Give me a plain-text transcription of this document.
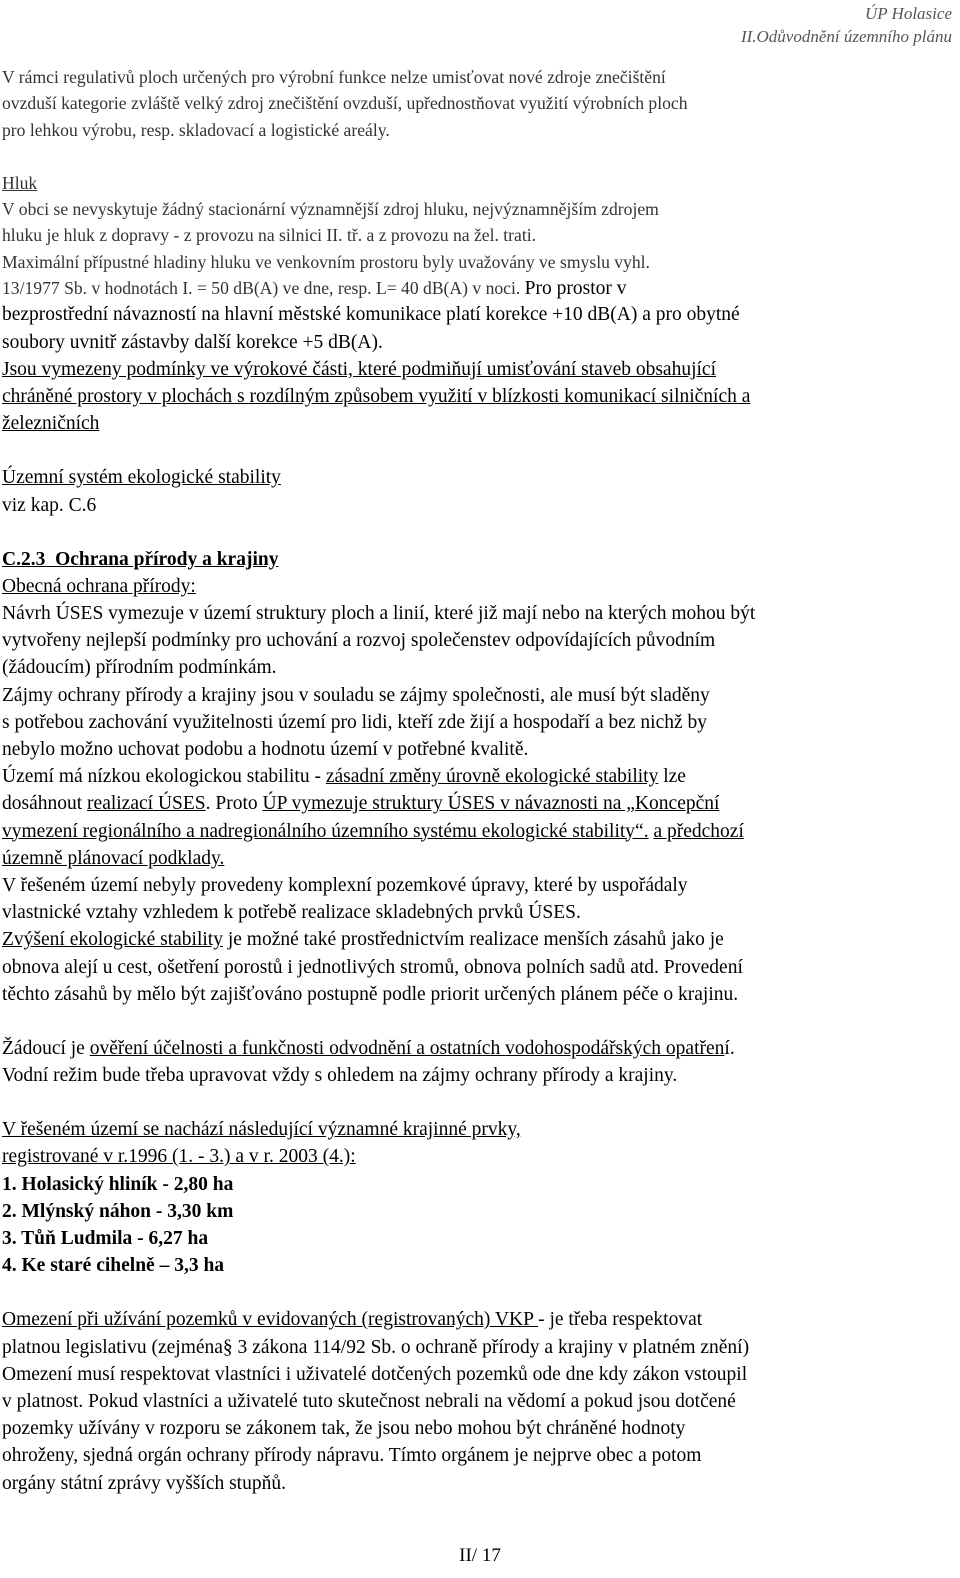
ÚP Holasice
II.Odůvodnění územního plánu
V rámci regulativů ploch určených pro výrobní funkce nelze umisťovat nové zdroje znečištění
ovzduší kategorie zvláště velký zdroj znečištění ovzduší, upřednostňovat využití výrobních ploch
pro lehkou výrobu, resp. skladovací a logistické areály.
Hluk
V obci se nevyskytuje žádný stacionární významnější zdroj hluku, nejvýznamnějším zdrojem
hluku je hluk z dopravy - z provozu na silnici II. tř. a z provozu na žel. trati.
Maximální přípustné hladiny hluku ve venkovním prostoru byly uvažovány ve smyslu vyhl.
13/1977 Sb. v hodnotách I. = 50 dB(A) ve dne, resp. L= 40 dB(A) v noci. Pro prostor v
bezprostřední návazností na hlavní městské komunikace platí korekce +10 dB(A) a pro obytné
soubory uvnitř zástavby další korekce +5 dB(A).
Jsou vymezeny podmínky ve výrokové části, které podmiňují umisťování staveb obsahující
chráněné prostory v plochách s rozdílným způsobem využití v blízkosti komunikací silničních a
železničních
Územní systém ekologické stability
viz kap. C.6
C.2.3 Ochrana přírody a krajiny
Obecná ochrana přírody:
Návrh ÚSES vymezuje v území struktury ploch a linií, které již mají nebo na kterých mohou být
vytvořeny nejlepší podmínky pro uchování a rozvoj společenstev odpovídajících původním
(žádoucím) přírodním podmínkám.
Zájmy ochrany přírody a krajiny jsou v souladu se zájmy společnosti, ale musí být sladěny
s potřebou zachování využitelnosti území pro lidi, kteří zde žijí a hospodaří a bez nichž by
nebylo možno uchovat podobu a hodnotu území v potřebné kvalitě.
Území má nízkou ekologickou stabilitu - zásadní změny úrovně ekologické stability lze
dosáhnout realizací ÚSES. Proto ÚP vymezuje struktury ÚSES v návaznosti na „Koncepční
vymezení regionálního a nadregionálního územního systému ekologické stability“. a předchozí
územně plánovací podklady.
V řešeném území nebyly provedeny komplexní pozemkové úpravy, které by uspořádaly
vlastnické vztahy vzhledem k potřebě realizace skladebných prvků ÚSES.
Zvýšení ekologické stability je možné také prostřednictvím realizace menších zásahů jako je
obnova alejí u cest, ošetření porostů i jednotlivých stromů, obnova polních sadů atd. Provedení
těchto zásahů by mělo být zajišťováno postupně podle priorit určených plánem péče o krajinu.
Žádoucí je ověření účelnosti a funkčnosti odvodnění a ostatních vodohospodářských opatření.
Vodní režim bude třeba upravovat vždy s ohledem na zájmy ochrany přírody a krajiny.
V řešeném území se nachází následující významné krajinné prvky,
registrované v r.1996 (1. - 3.) a v r. 2003 (4.):
1. Holasický hliník - 2,80 ha
2. Mlýnský náhon - 3,30 km
3. Tůň Ludmila - 6,27 ha
4. Ke staré cihelně – 3,3 ha
Omezení při užívání pozemků v evidovaných (registrovaných) VKP - je třeba respektovat
platnou legislativu (zejména§ 3 zákona 114/92 Sb. o ochraně přírody a krajiny v platném znění)
Omezení musí respektovat vlastníci i uživatelé dotčených pozemků ode dne kdy zákon vstoupil
v platnost. Pokud vlastníci a uživatelé tuto skutečnost nebrali na vědomí a pokud jsou dotčené
pozemky užívány v rozporu se zákonem tak, že jsou nebo mohou být chráněné hodnoty
ohroženy, sjedná orgán ochrany přírody nápravu. Tímto orgánem je nejprve obec a potom
orgány státní zprávy vyšších stupňů.
II/ 17
